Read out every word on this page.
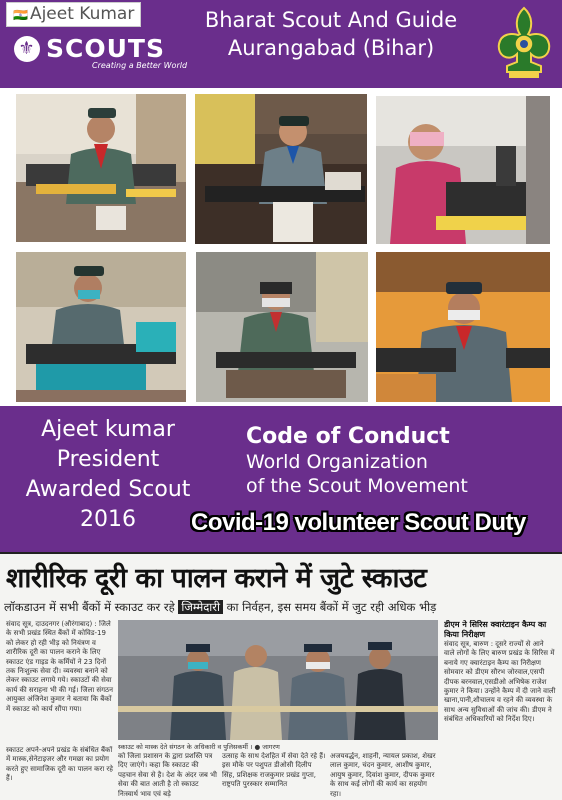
🇮🇳 Ajeet Kumar
⚜ SCOUTS
Creating a Better World
Bharat Scout And Guide
Aurangabad (Bihar)
Ajeet kumar
President
Awarded Scout
2016
Code of Conduct
World Organization
of the Scout Movement
Covid-19 volunteer Scout Duty
शारीरिक दूरी का पालन कराने में जुटे स्काउट
लॉकडाउन में सभी बैंकों में स्काउट कर रहे जिम्मेदारी का निर्वहन, इस समय बैंकों में जुट रही अधिक भीड़
संवाद सूत्र, दाउदनगर (औरंगाबाद) : जिले के सभी प्रखंड स्थित बैंकों में कोविड-19 को लेकर हो रही भीड़ को नियंत्रण व शारीरिक दूरी का पालन कराने के लिए स्काउट एंड गाइड के कर्मियों ने 23 दिनों तक निःशुल्क सेवा दी। व्यवस्था बनाने को लेकर स्काउट लगाये गये। स्काउटों की सेवा कार्य की सराहना भी की गई। जिला संगठन आयुक्त अंजिनेश कुमार ने बताया कि बैंकों में स्काउट को कार्य सौंपा गया।
स्काउट अपने-अपने प्रखंड के संबंधित बैंकों में मास्क,सेनेटाइजर और गमछा का प्रयोग करते हुए सामाजिक दूरी का पालन करा रहे हैं।
स्काउट को मास्क देते संगठन के अधिकारी व पुलिसकर्मी । ● जागरण
को जिला प्रशासन के द्वारा प्रशस्ति पत्र दिए जाएंगे। कहा कि स्काउट की पहचान सेवा से है। देश के अंदर जब भी सेवा की बात आती है तो स्काउट निःस्वार्थ भाव एवं बड़े
उत्साह के साथ देशहित में सेवा देते रहे हैं। इस मौके पर पशुपत डीओसी दिलीप सिंह, प्रशिक्षक राजकुमार प्रखंड गुप्ता, राष्ट्रपति पुरस्कार सम्मानित
अजयवर्द्धन, शाहनी, न्यायल प्रकाश, शेखर लाल कुमार, चंदन कुमार, आशीष कुमार, आयुष कुमार, दिवांश कुमार, दीपक कुमार के साथ कई लोगों की कार्य का सहयोग रहा।
डीएम ने सिरिस क्वारंटाइन कैम्प का किया निरीक्षण
संवाद सूत्र, बारुण : दूसरे राज्यों से आने वाले लोगों के लिए बारुण प्रखंड के सिरिस में बनाये गए क्वारंटाइन कैम्प का निरीक्षण सोमवार को डीएम सौरभ जोरवाल,एसपी दीपक बरनवाल,एसडीओ अभिषेक राजेश कुमार ने किया। उन्होंने कैम्प में दी जाने वाली खाना,पानी,शौचालय व रहने की व्यवस्था के साथ अन्य सुविधाओं की जांच की। डीएम ने संबंधित अधिकारियों को निर्देश दिए।
